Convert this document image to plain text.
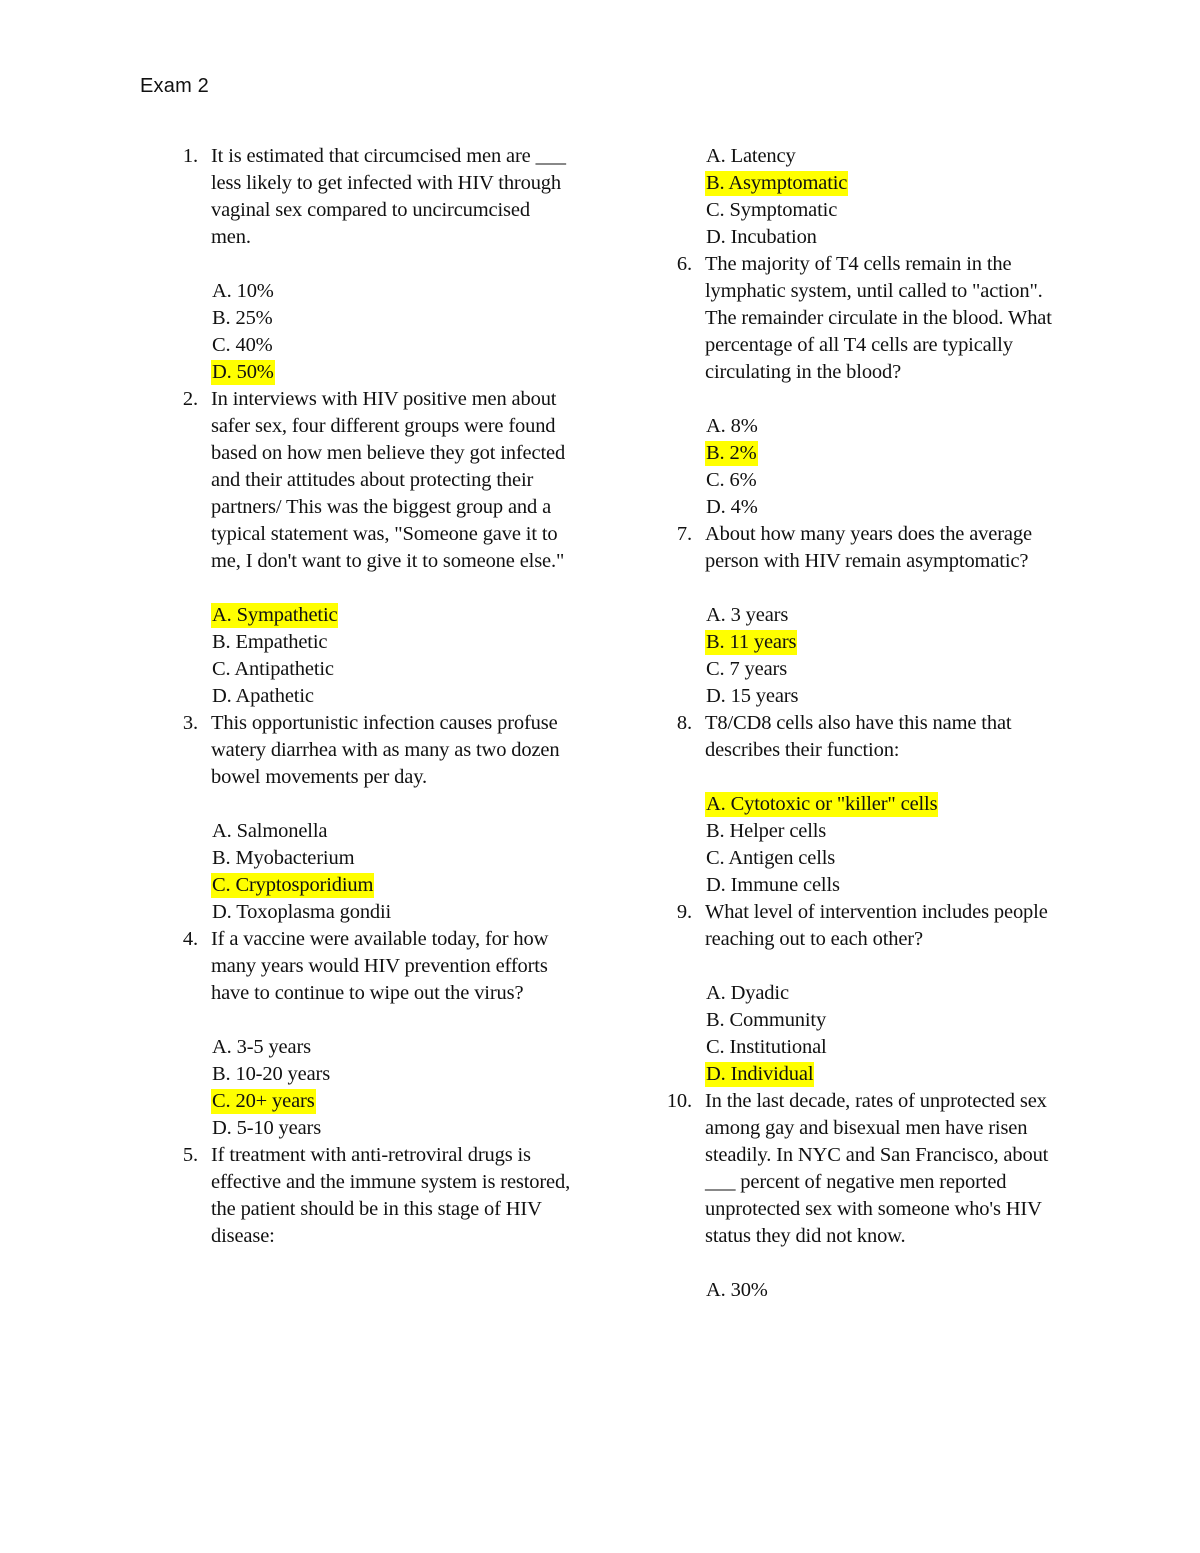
Exam 2
1. It is estimated that circumcised men are ___ less likely to get infected with HIV through vaginal sex compared to uncircumcised men.
A. 10%
B. 25%
C. 40%
D. 50%
2. In interviews with HIV positive men about safer sex, four different groups were found based on how men believe they got infected and their attitudes about protecting their partners/ This was the biggest group and a typical statement was, "Someone gave it to me, I don't want to give it to someone else."
A. Sympathetic
B. Empathetic
C. Antipathetic
D. Apathetic
3. This opportunistic infection causes profuse watery diarrhea with as many as two dozen bowel movements per day.
A. Salmonella
B. Myobacterium
C. Cryptosporidium
D. Toxoplasma gondii
4. If a vaccine were available today, for how many years would HIV prevention efforts have to continue to wipe out the virus?
A. 3-5 years
B. 10-20 years
C. 20+ years
D. 5-10 years
5. If treatment with anti-retroviral drugs is effective and the immune system is restored, the patient should be in this stage of HIV disease:
A. Latency
B. Asymptomatic
C. Symptomatic
D. Incubation
6. The majority of T4 cells remain in the lymphatic system, until called to "action". The remainder circulate in the blood. What percentage of all T4 cells are typically circulating in the blood?
A. 8%
B. 2%
C. 6%
D. 4%
7. About how many years does the average person with HIV remain asymptomatic?
A. 3 years
B. 11 years
C. 7 years
D. 15 years
8. T8/CD8 cells also have this name that describes their function:
A. Cytotoxic or "killer" cells
B. Helper cells
C. Antigen cells
D. Immune cells
9. What level of intervention includes people reaching out to each other?
A. Dyadic
B. Community
C. Institutional
D. Individual
10. In the last decade, rates of unprotected sex among gay and bisexual men have risen steadily. In NYC and San Francisco, about ___ percent of negative men reported unprotected sex with someone who's HIV status they did not know.
A. 30%
